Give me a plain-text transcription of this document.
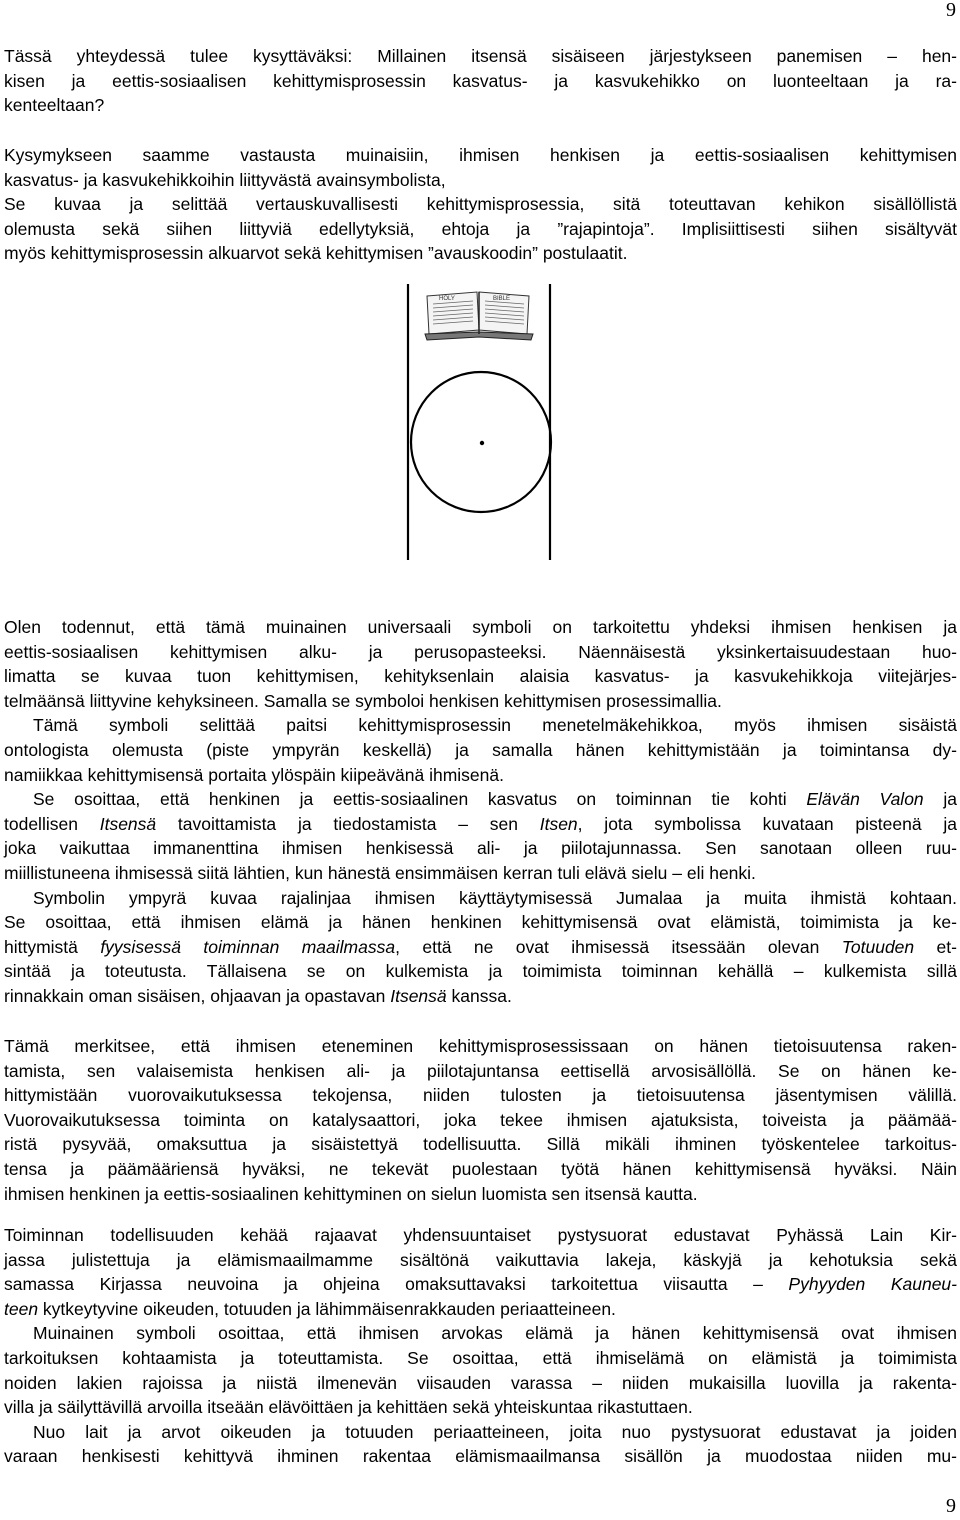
9
Tässä yhteydessä tulee kysyttäväksi: Millainen itsensä sisäiseen järjestykseen panemisen – hen-
kisen ja eettis-sosiaalisen kehittymisprosessin kasvatus- ja kasvukehikko on luonteeltaan ja ra-
kenteeltaan?
Kysymykseen saamme vastausta muinaisiin, ihmisen henkisen ja eettis-sosiaalisen kehittymisen
kasvatus- ja kasvukehikkoihin liittyvästä avainsymbolista,
Se kuvaa ja selittää vertauskuvallisesti kehittymisprosessia, sitä toteuttavan kehikon sisällöllistä
olemusta sekä siihen liittyviä edellytyksiä, ehtoja ja ”rajapintoja”. Implisiittisesti siihen sisältyvät
myös kehittymisprosessin alkuarvot sekä kehittymisen ”avauskoodin” postulaatit.
HOLY	BIBLE
Olen todennut, että tämä muinainen universaali symboli on tarkoitettu yhdeksi ihmisen henkisen ja
eettis-sosiaalisen kehittymisen alku- ja perusopasteeksi. Näennäisestä yksinkertaisuudestaan huo-
limatta se kuvaa tuon kehittymisen, kehityksenlain alaisia kasvatus- ja kasvukehikkoja viitejärjes-
telmäänsä liittyvine kehyksineen. Samalla se symboloi henkisen kehittymisen prosessimallia.
Tämä symboli selittää paitsi kehittymisprosessin menetelmäkehikkoa, myös ihmisen sisäistä
ontologista olemusta (piste ympyrän keskellä) ja samalla hänen kehittymistään ja toimintansa dy-
namiikkaa kehittymisensä portaita ylöspäin kiipeävänä ihmisenä.
Se osoittaa, että henkinen ja eettis-sosiaalinen kasvatus on toiminnan tie kohti Elävän Valon ja
todellisen Itsensä tavoittamista ja tiedostamista – sen Itsen, jota symbolissa kuvataan pisteenä ja
joka vaikuttaa immanenttina ihmisen henkisessä ali- ja piilotajunnassa. Sen sanotaan olleen ruu-
miillistuneena ihmisessä siitä lähtien, kun hänestä ensimmäisen kerran tuli elävä sielu – eli henki.
Symbolin ympyrä kuvaa rajalinjaa ihmisen käyttäytymisessä Jumalaa ja muita ihmistä kohtaan.
Se osoittaa, että ihmisen elämä ja hänen henkinen kehittymisensä ovat elämistä, toimimista ja ke-
hittymistä fyysisessä toiminnan maailmassa, että ne ovat ihmisessä itsessään olevan Totuuden et-
sintää ja toteutusta. Tällaisena se on kulkemista ja toimimista toiminnan kehällä – kulkemista sillä
rinnakkain oman sisäisen, ohjaavan ja opastavan Itsensä kanssa.
Tämä merkitsee, että ihmisen eteneminen kehittymisprosessissaan on hänen tietoisuutensa raken-
tamista, sen valaisemista henkisen ali- ja piilotajuntansa eettisellä arvosisällöllä. Se on hänen ke-
hittymistään vuorovaikutuksessa tekojensa, niiden tulosten ja tietoisuutensa jäsentymisen välillä.
Vuorovaikutuksessa toiminta on katalysaattori, joka tekee ihmisen ajatuksista, toiveista ja päämää-
ristä pysyvää, omaksuttua ja sisäistettyä todellisuutta. Sillä mikäli ihminen työskentelee tarkoitus-
tensa ja päämääriensä hyväksi, ne tekevät puolestaan työtä hänen kehittymisensä hyväksi. Näin
ihmisen henkinen ja eettis-sosiaalinen kehittyminen on sielun luomista sen itsensä kautta.
Toiminnan todellisuuden kehää rajaavat yhdensuuntaiset pystysuorat edustavat Pyhässä Lain Kir-
jassa julistettuja ja elämismaailmamme sisältönä vaikuttavia lakeja, käskyjä ja kehotuksia sekä
samassa Kirjassa neuvoina ja ohjeina omaksuttavaksi tarkoitettua viisautta – Pyhyyden Kauneu-
teen kytkeytyvine oikeuden, totuuden ja lähimmäisenrakkauden periaatteineen.
Muinainen symboli osoittaa, että ihmisen arvokas elämä ja hänen kehittymisensä ovat ihmisen
tarkoituksen kohtaamista ja toteuttamista. Se osoittaa, että ihmiselämä on elämistä ja toimimista
noiden lakien rajoissa ja niistä ilmenevän viisauden varassa – niiden mukaisilla luovilla ja rakenta-
villa ja säilyttävillä arvoilla itseään elävöittäen ja kehittäen sekä yhteiskuntaa rikastuttaen.
Nuo lait ja arvot oikeuden ja totuuden periaatteineen, joita nuo pystysuorat edustavat ja joiden
varaan henkisesti kehittyvä ihminen rakentaa elämismaailmansa sisällön ja muodostaa niiden mu-
9
